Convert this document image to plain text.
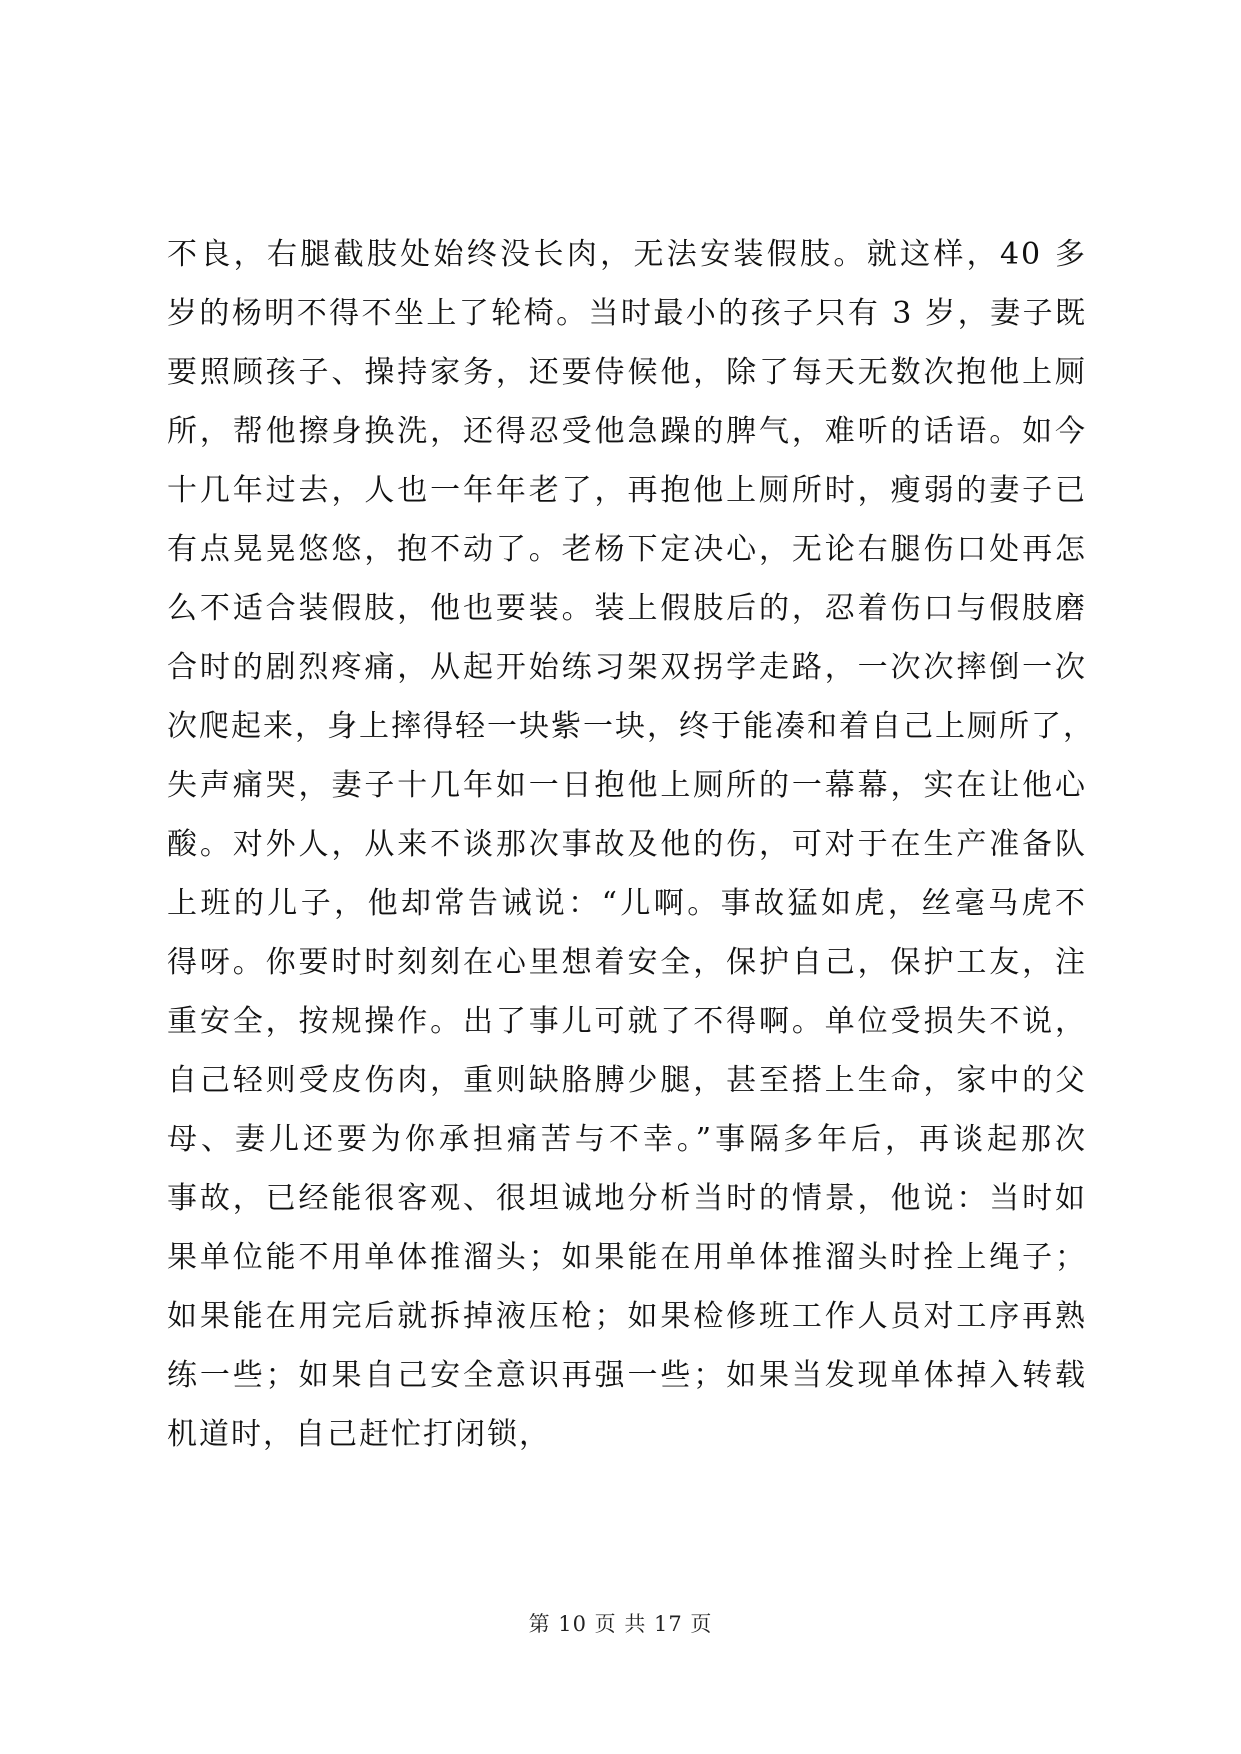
不良，右腿截肢处始终没长肉，无法安装假肢。就这样，40 多
岁的杨明不得不坐上了轮椅。当时最小的孩子只有 3 岁，妻子既
要照顾孩子、操持家务，还要侍候他，除了每天无数次抱他上厕
所，帮他擦身换洗，还得忍受他急躁的脾气，难听的话语。如今
十几年过去，人也一年年老了，再抱他上厕所时，瘦弱的妻子已
有点晃晃悠悠，抱不动了。老杨下定决心，无论右腿伤口处再怎
么不适合装假肢，他也要装。装上假肢后的，忍着伤口与假肢磨
合时的剧烈疼痛，从起开始练习架双拐学走路，一次次摔倒一次
次爬起来，身上摔得轻一块紫一块，终于能凑和着自己上厕所了，
失声痛哭，妻子十几年如一日抱他上厕所的一幕幕，实在让他心
酸。对外人，从来不谈那次事故及他的伤，可对于在生产准备队
上班的儿子，他却常告诫说：“儿啊。事故猛如虎，丝毫马虎不
得呀。你要时时刻刻在心里想着安全，保护自己，保护工友，注
重安全，按规操作。出了事儿可就了不得啊。单位受损失不说，
自己轻则受皮伤肉，重则缺胳膊少腿，甚至搭上生命，家中的父
母、妻儿还要为你承担痛苦与不幸。”事隔多年后，再谈起那次
事故，已经能很客观、很坦诚地分析当时的情景，他说：当时如
果单位能不用单体推溜头；如果能在用单体推溜头时拴上绳子；
如果能在用完后就拆掉液压枪；如果检修班工作人员对工序再熟
练一些；如果自己安全意识再强一些；如果当发现单体掉入转载
机道时，自己赶忙打闭锁，
第 10 页 共 17 页
